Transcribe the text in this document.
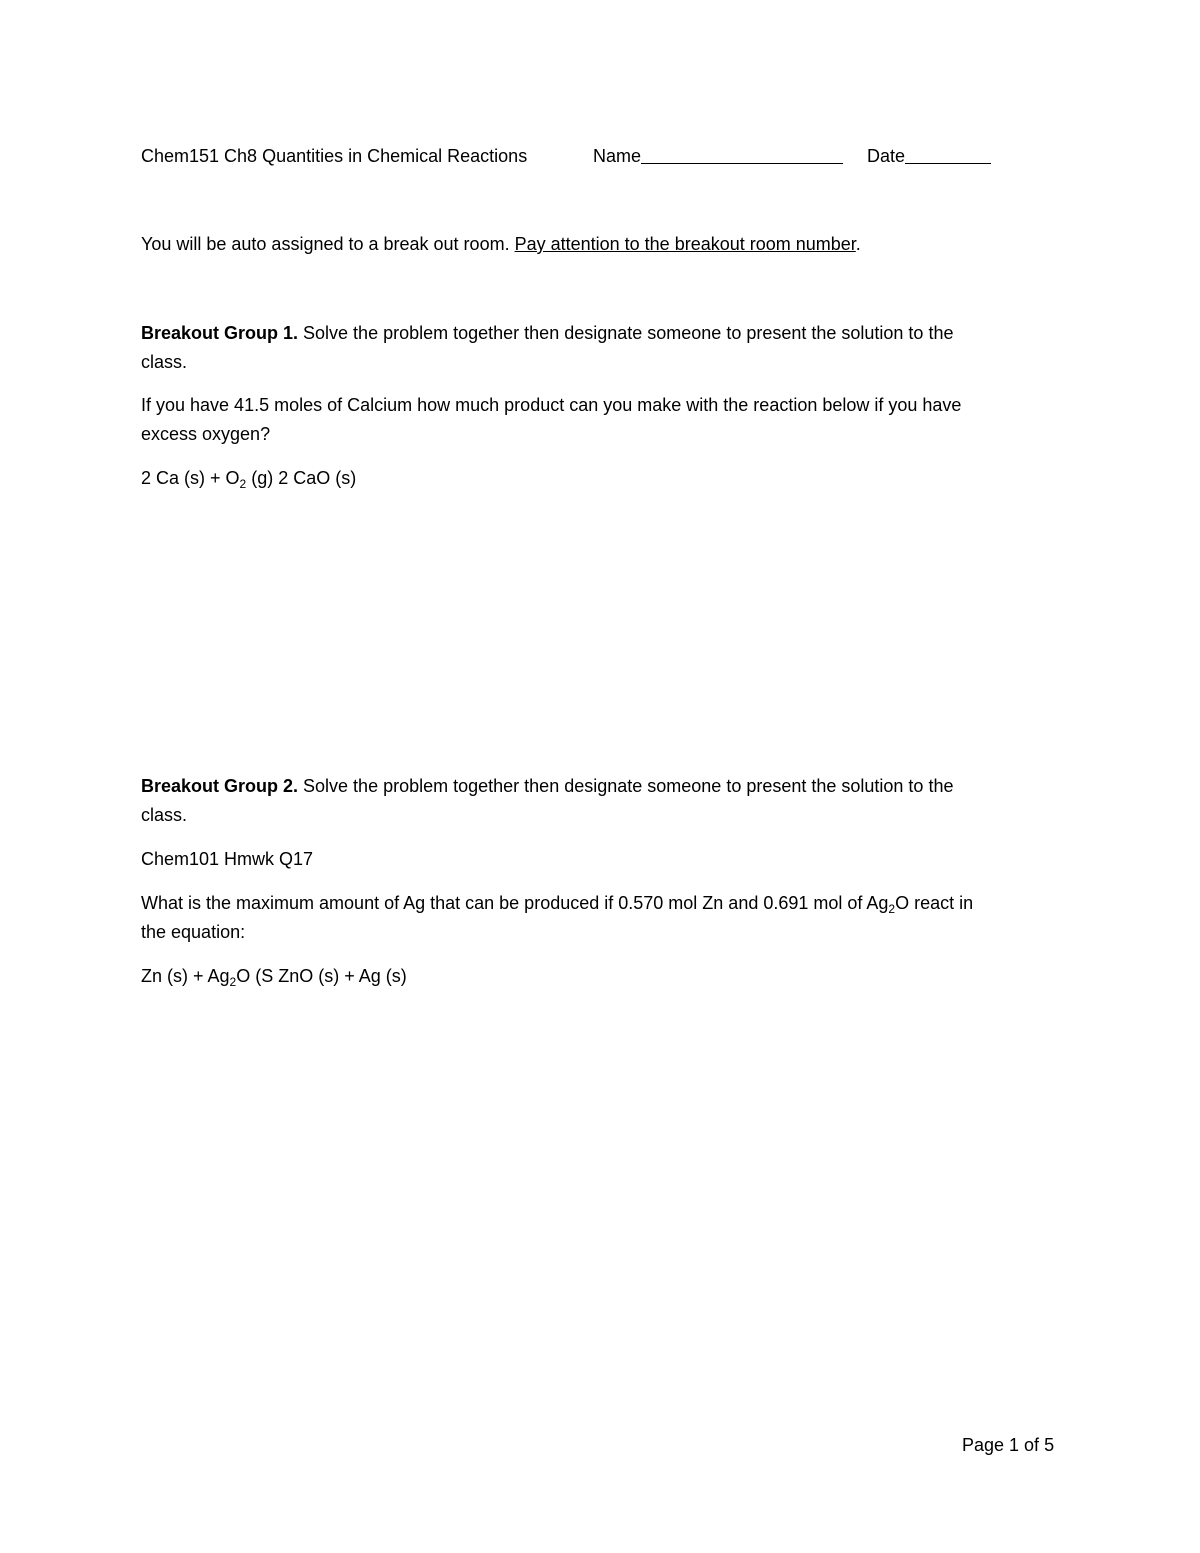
Chem151 Ch8 Quantities in Chemical Reactions	Name	Date
You will be auto assigned to a break out room. Pay attention to the breakout room number.
Breakout Group 1. Solve the problem together then designate someone to present the solution to the
class.
If you have 41.5 moles of Calcium how much product can you make with the reaction below if you have
excess oxygen?
2 Ca $(s) + O_2$ (g) 2 CaO (s)
Breakout Group 2. Solve the problem together then designate someone to present the solution to the
class.
Chem101 Hmwk Q17
What is the maximum amount of Ag that can be produced if 0.570 mol Zn and 0.691 mol of $Ag_2O$ react in
the equation:
Zn $(s) + Ag_2O$ (S ZnO (s) + Ag (s)
Page 1 of 5
